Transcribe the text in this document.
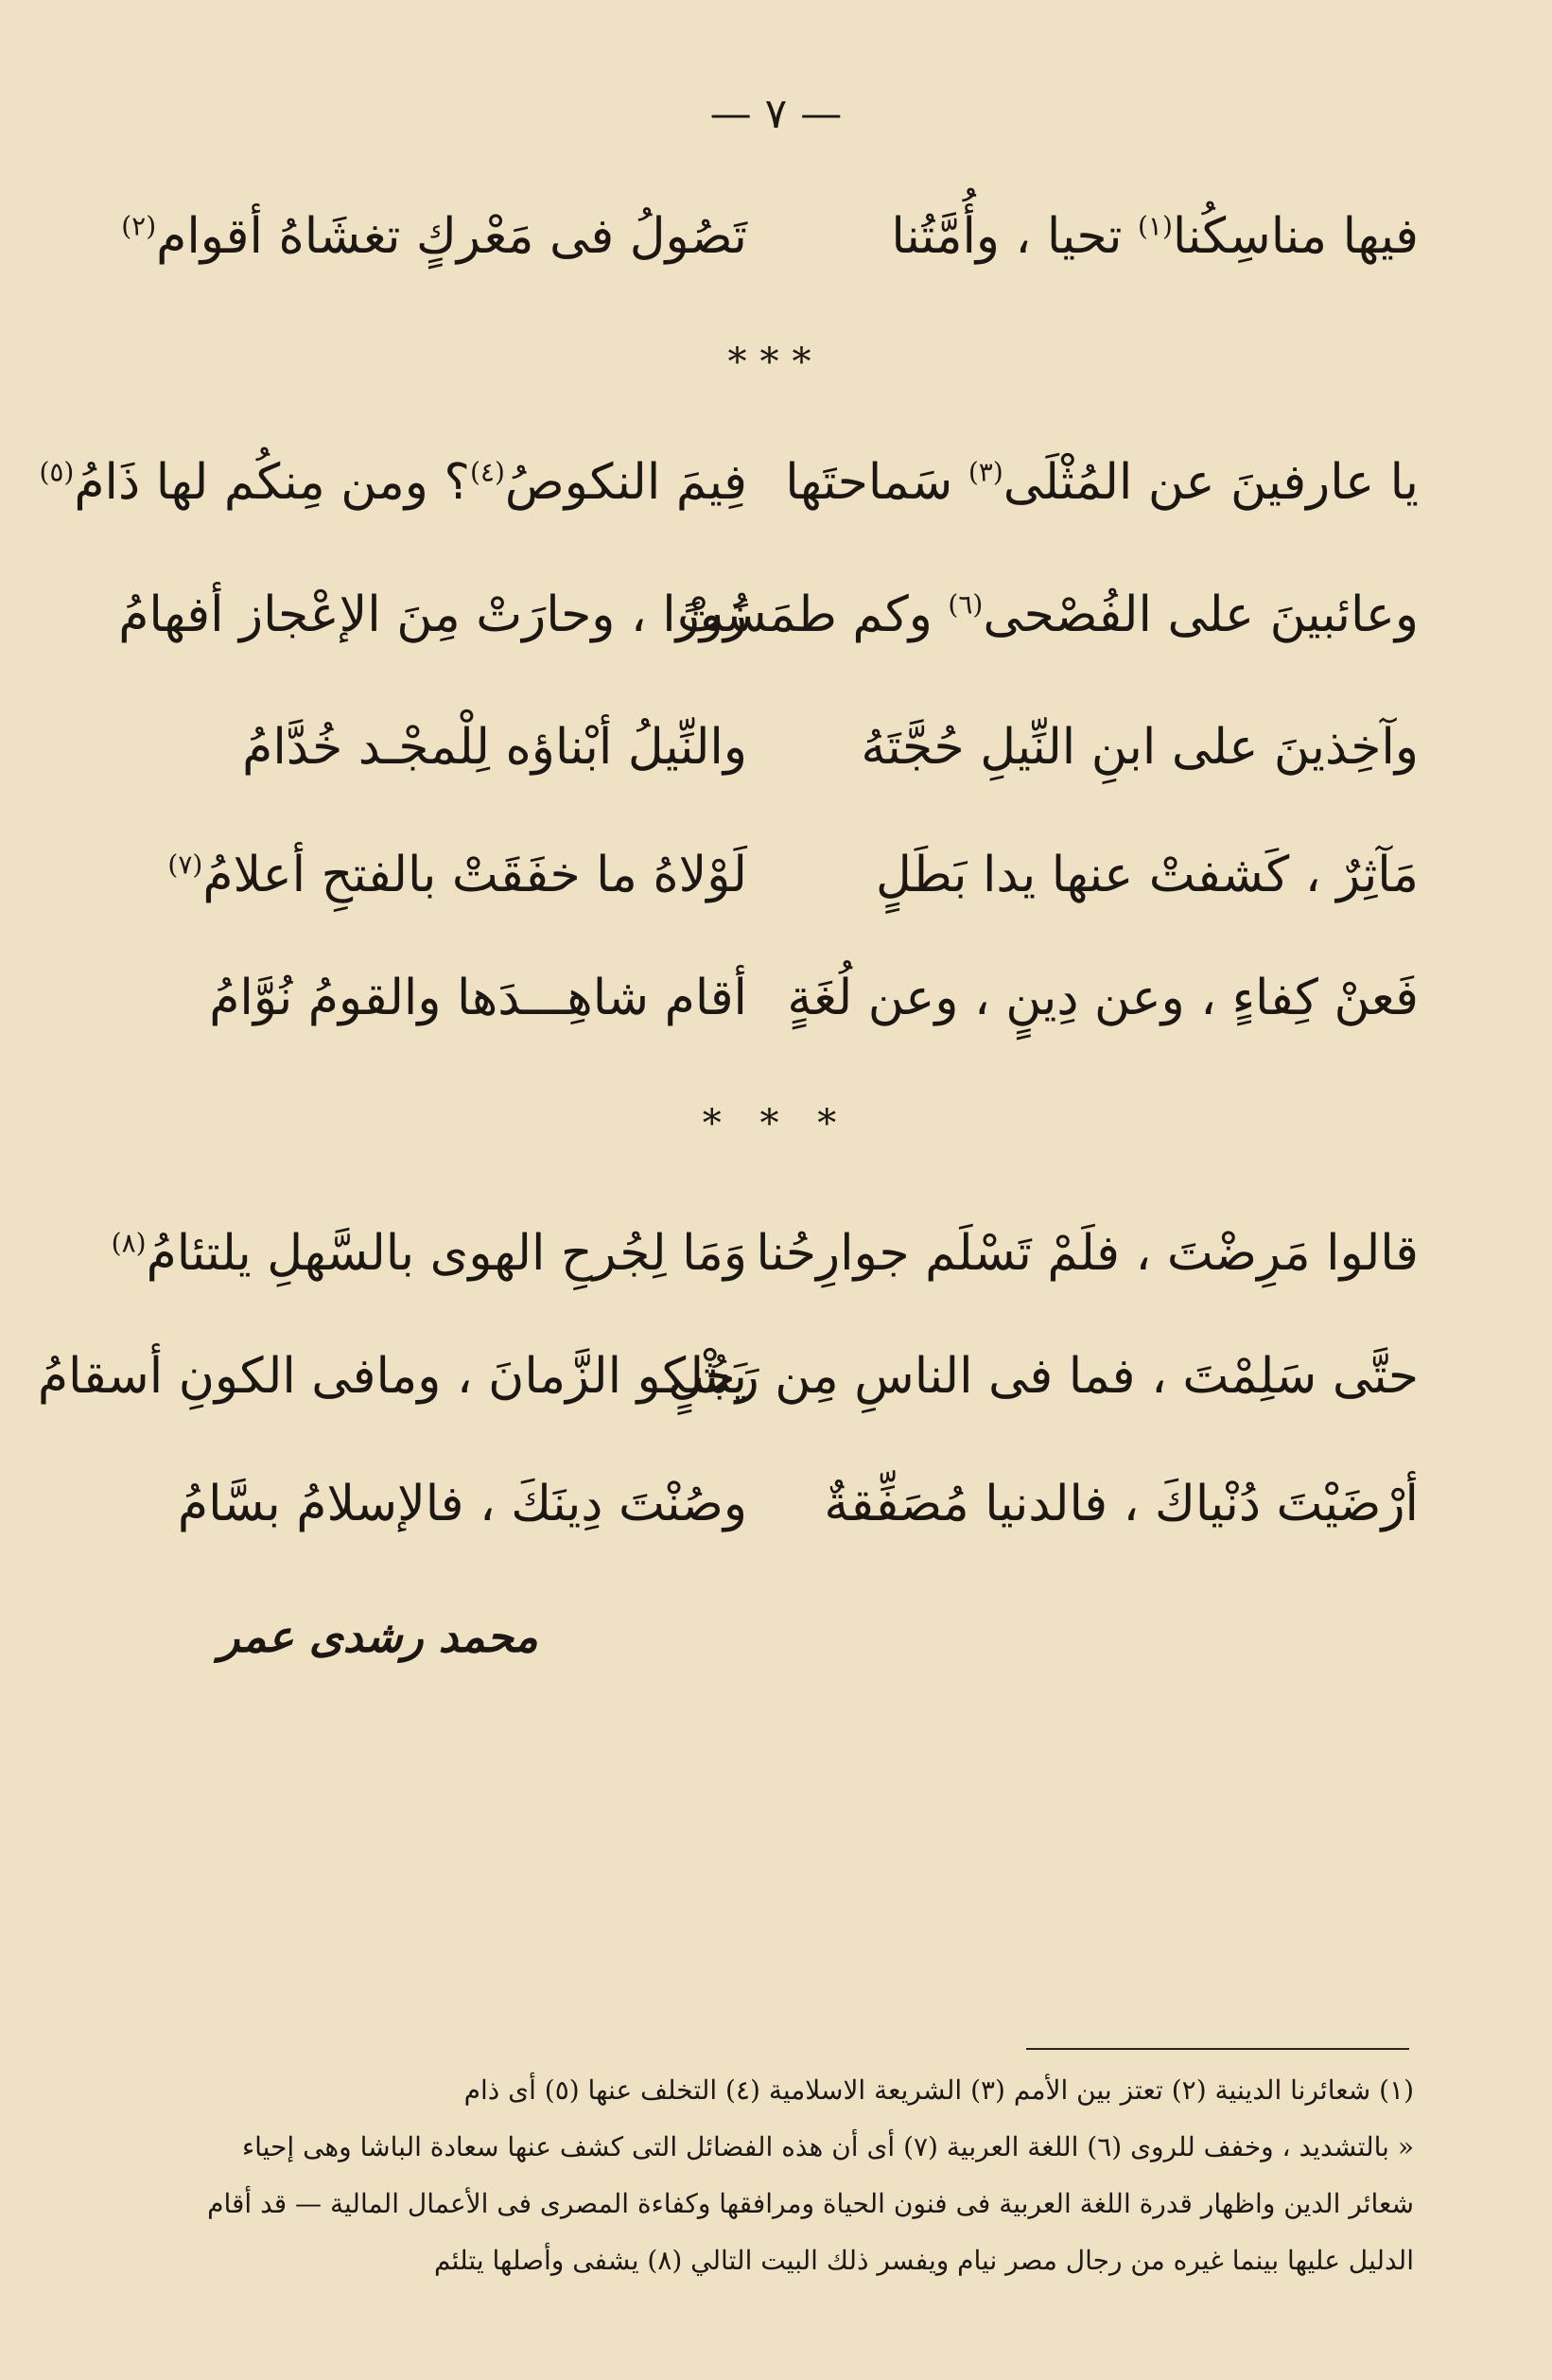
— ٧ —
فيها مناسِكُنا$^{(١)}$ تحيا ، وأُمَّتُنا
تَصُولُ فى مَعْركٍ تغشَاهُ أقوام$^{(٢)}$
***
يا عارفينَ عن المُثْلَى$^{(٣)}$ سَماحتَها
فِيمَ النكوصُ$^{(٤)}$؟ ومن مِنكُم لها ذَامُ$^{(٥)}$
وعائبينَ على الفُصْحى$^{(٦)}$ وكم طمَسَتْ
زُورًا ، وحارَتْ مِنَ الإعْجاز أفهامُ
وآخِذينَ على ابنِ النِّيلِ حُجَّتَهُ
والنِّيلُ أبْناؤه لِلْمجْـد خُدَّامُ
مَآثِرٌ ، كَشفتْ عنها يدا بَطَلٍ
لَوْلاهُ ما خفَقَتْ بالفتحِ أعلامُ$^{(٧)}$
فَعنْ كِفاءٍ ، وعن دِينٍ ، وعن لُغَةٍ
أقام شاهِـــدَها والقومُ نُوَّامُ
* * *
قالوا مَرِضْتَ ، فلَمْ تَسْلَم جوارِحُنا
وَمَا لِجُرحِ الهوى بالسَّهلِ يلتئامُ$^{(٨)}$
حتَّى سَلِمْتَ ، فما فى الناسِ مِن رَجُلٍ
يَشْكو الزَّمانَ ، ومافى الكونِ أسقامُ
أرْضَيْتَ دُنْياكَ ، فالدنيا مُصَفِّقةٌ
وصُنْتَ دِينَكَ ، فالإسلامُ بسَّامُ
محمد رشدى عمر
(١) شعائرنا الدينية (٢) تعتز بين الأمم (٣) الشريعة الاسلامية (٤) التخلف عنها (٥) أى ذام
« بالتشديد ، وخفف للروى (٦) اللغة العربية (٧) أى أن هذه الفضائل التى كشف عنها سعادة الباشا وهى إحياء
شعائر الدين واظهار قدرة اللغة العربية فى فنون الحياة ومرافقها وكفاءة المصرى فى الأعمال المالية — قد أقام
الدليل عليها بينما غيره من رجال مصر نيام ويفسر ذلك البيت التالي (٨) يشفى وأصلها يتلئم
